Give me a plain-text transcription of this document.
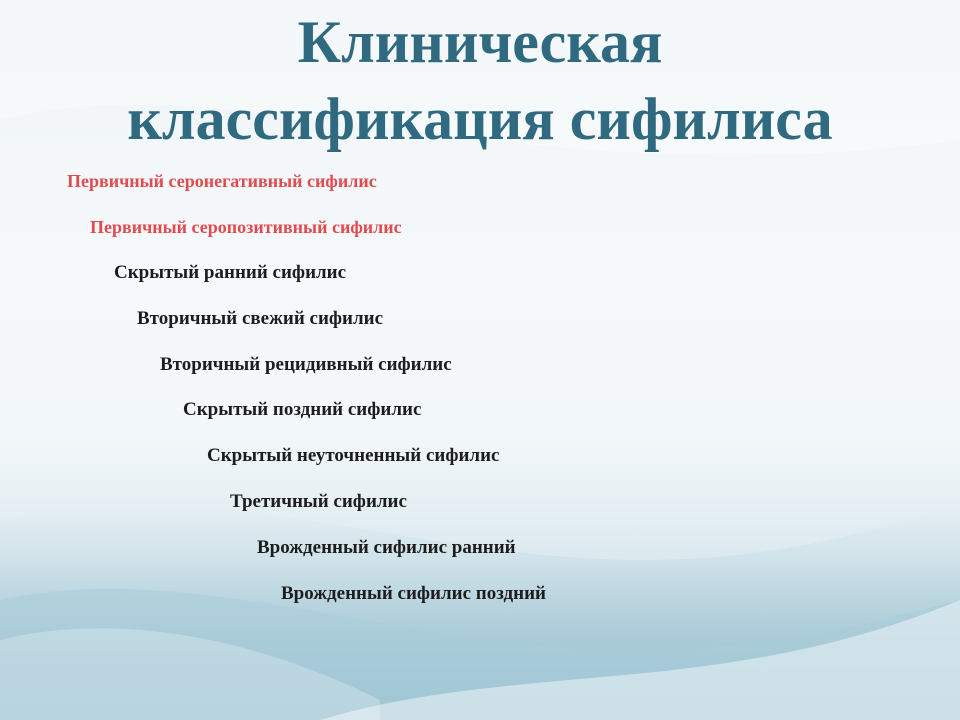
Клиническая
классификация сифилиса
Первичный серонегативный сифилис
Первичный серопозитивный сифилис
Скрытый ранний сифилис
Вторичный свежий сифилис
Вторичный рецидивный сифилис
Скрытый поздний сифилис
Скрытый неуточненный сифилис
Третичный сифилис
Врожденный сифилис ранний
Врожденный сифилис поздний
